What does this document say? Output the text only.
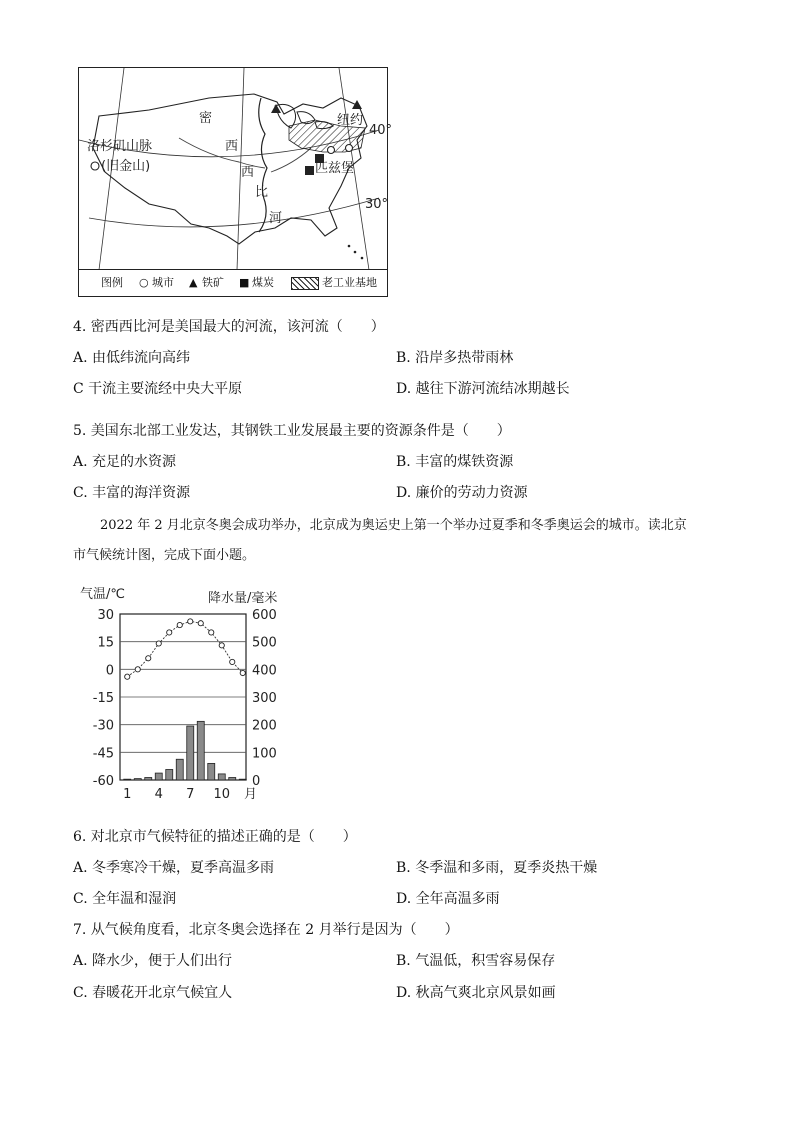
密
西
西
比
河
洛杉矶山脉
(旧金山)	匹兹堡
纽约
40°
30°
图例 ○ 城市 ▲ 铁矿 ■ 煤炭	老工业基地
4. 密西西比河是美国最大的河流，该河流（　　）
A. 由低纬流向高纬	B. 沿岸多热带雨林
C 干流主要流经中央大平原	D. 越往下游河流结冰期越长
5. 美国东北部工业发达，其钢铁工业发展最主要的资源条件是（　　）
A. 充足的水资源	B. 丰富的煤铁资源
C. 丰富的海洋资源	D. 廉价的劳动力资源
2022 年 2 月北京冬奥会成功举办，北京成为奥运史上第一个举办过夏季和冬季奥运会的城市。读北京
市气候统计图，完成下面小题。
气温/℃	降水量/毫米
30
15
0
-15
-30
-45
-60
600
500
400
300
200
100
0
1 4 7 10 月
6. 对北京市气候特征的描述正确的是（　　）
A. 冬季寒冷干燥，夏季高温多雨	B. 冬季温和多雨，夏季炎热干燥
C. 全年温和湿润	D. 全年高温多雨
7. 从气候角度看，北京冬奥会选择在 2 月举行是因为（　　）
A. 降水少，便于人们出行	B. 气温低，积雪容易保存
C. 春暖花开北京气候宜人	D. 秋高气爽北京风景如画
